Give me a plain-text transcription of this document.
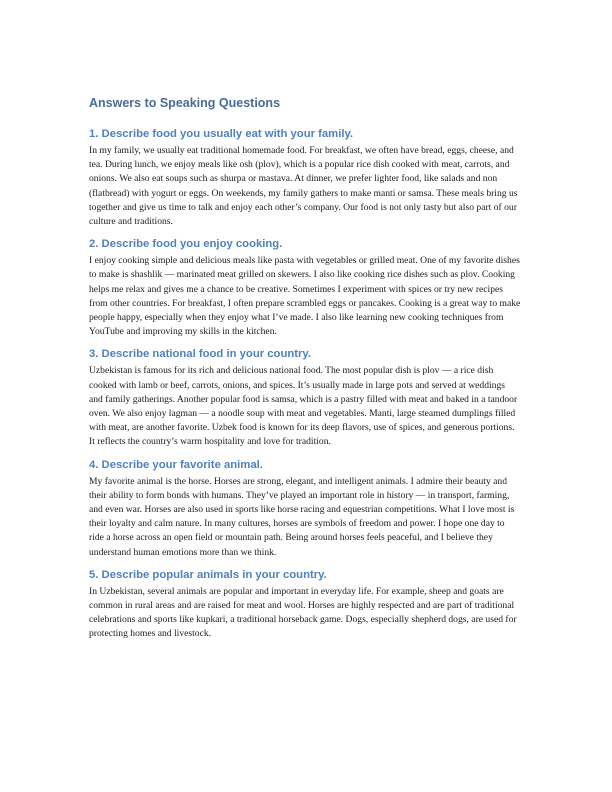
Answers to Speaking Questions
1. Describe food you usually eat with your family.

In my family, we usually eat traditional homemade food. For breakfast, we often have bread, eggs, cheese, and tea. During lunch, we enjoy meals like osh (plov), which is a popular rice dish cooked with meat, carrots, and onions. We also eat soups such as shurpa or mastava. At dinner, we prefer lighter food, like salads and non (flatbread) with yogurt or eggs. On weekends, my family gathers to make manti or samsa. These meals bring us together and give us time to talk and enjoy each other’s company. Our food is not only tasty but also part of our culture and traditions.

2. Describe food you enjoy cooking.

I enjoy cooking simple and delicious meals like pasta with vegetables or grilled meat. One of my favorite dishes to make is shashlik — marinated meat grilled on skewers. I also like cooking rice dishes such as plov. Cooking helps me relax and gives me a chance to be creative. Sometimes I experiment with spices or try new recipes from other countries. For breakfast, I often prepare scrambled eggs or pancakes. Cooking is a great way to make people happy, especially when they enjoy what I’ve made. I also like learning new cooking techniques from YouTube and improving my skills in the kitchen.

3. Describe national food in your country.

Uzbekistan is famous for its rich and delicious national food. The most popular dish is plov — a rice dish cooked with lamb or beef, carrots, onions, and spices. It’s usually made in large pots and served at weddings and family gatherings. Another popular food is samsa, which is a pastry filled with meat and baked in a tandoor oven. We also enjoy lagman — a noodle soup with meat and vegetables. Manti, large steamed dumplings filled with meat, are another favorite. Uzbek food is known for its deep flavors, use of spices, and generous portions. It reflects the country’s warm hospitality and love for tradition.

4. Describe your favorite animal.

My favorite animal is the horse. Horses are strong, elegant, and intelligent animals. I admire their beauty and their ability to form bonds with humans. They’ve played an important role in history — in transport, farming, and even war. Horses are also used in sports like horse racing and equestrian competitions. What I love most is their loyalty and calm nature. In many cultures, horses are symbols of freedom and power. I hope one day to ride a horse across an open field or mountain path. Being around horses feels peaceful, and I believe they understand human emotions more than we think.

5. Describe popular animals in your country.

In Uzbekistan, several animals are popular and important in everyday life. For example, sheep and goats are common in rural areas and are raised for meat and wool. Horses are highly respected and are part of traditional celebrations and sports like kupkari, a traditional horseback game. Dogs, especially shepherd dogs, are used for protecting homes and livestock.
